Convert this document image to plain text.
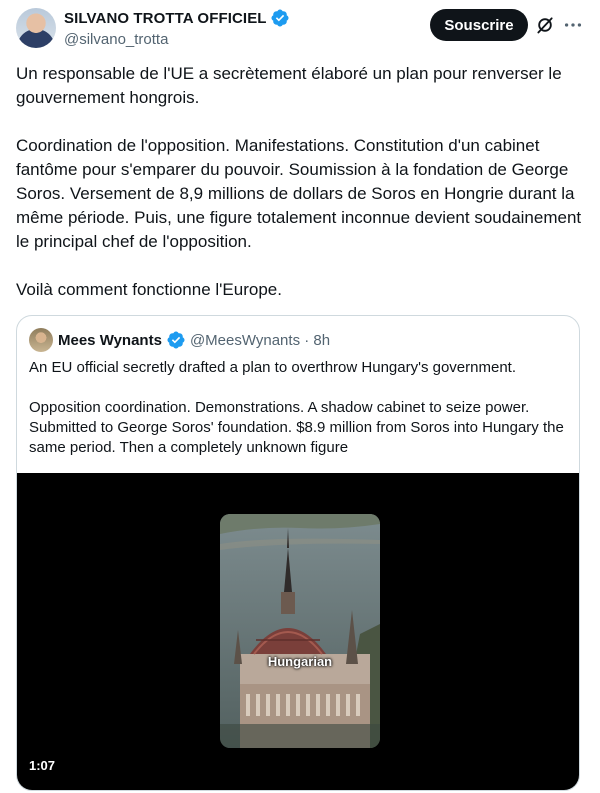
SILVANO TROTTA OFFICIEL
@silvano_trotta
Souscrire

Un responsable de l'UE a secrètement élaboré un plan pour renverser le gouvernement hongrois.

Coordination de l'opposition. Manifestations. Constitution d'un cabinet fantôme pour s'emparer du pouvoir. Soumission à la fondation de George Soros. Versement de 8,9 millions de dollars de Soros en Hongrie durant la même période. Puis, une figure totalement inconnue devient soudainement le principal chef de l'opposition.

Voilà comment fonctionne l'Europe.

Mees Wynants @MeesWynants · 8h

An EU official secretly drafted a plan to overthrow Hungary's government.

Opposition coordination. Demonstrations. A shadow cabinet to seize power. Submitted to George Soros' foundation. $8.9 million from Soros into Hungary the same period. Then a completely unknown figure

Hungarian
1:07
